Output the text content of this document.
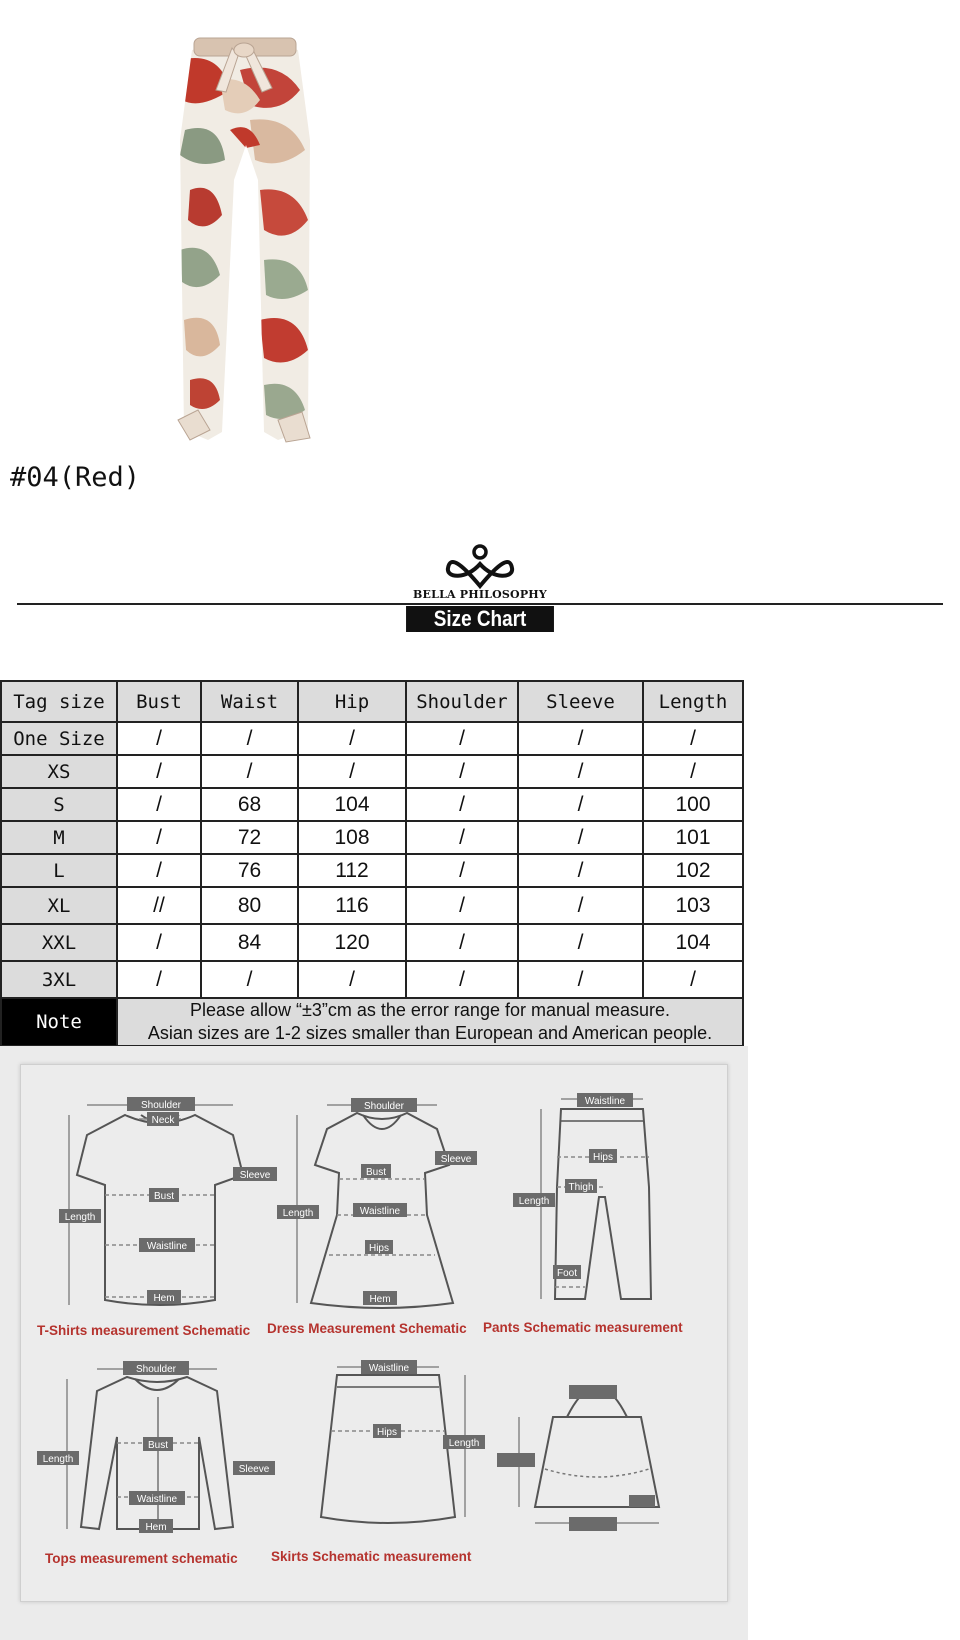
#04(Red)
BELLA PHILOSOPHY
Size Chart
Tag size	Bust	Waist	Hip	Shoulder	Sleeve	Length
One Size	/	/	/	/	/	/
XS	/	/	/	/	/	/
S	/	68	104	/	/	100
M	/	72	108	/	/	101
L	/	76	112	/	/	102
XL	//	80	116	/	/	103
XXL	/	84	120	/	/	104
3XL	/	/	/	/	/	/
Note	Please allow “±3”cm as the error range for manual measure.
Asian sizes are 1-2 sizes smaller than European and American people.					
Shoulder
Neck
Sleeve
Length
Bust
Waistline
Hem
T-Shirts measurement Schematic
Shoulder
Sleeve
Bust
Length	Waistline
Hips
Hem
Dress Measurement Schematic
Waistline
Hips
Thigh
Length
Foot
Pants Schematic measurement
Shoulder
Length
Bust
Sleeve
Waistline
Hem
Tops measurement schematic
Waistline
Hips
Length
Skirts Schematic measurement
